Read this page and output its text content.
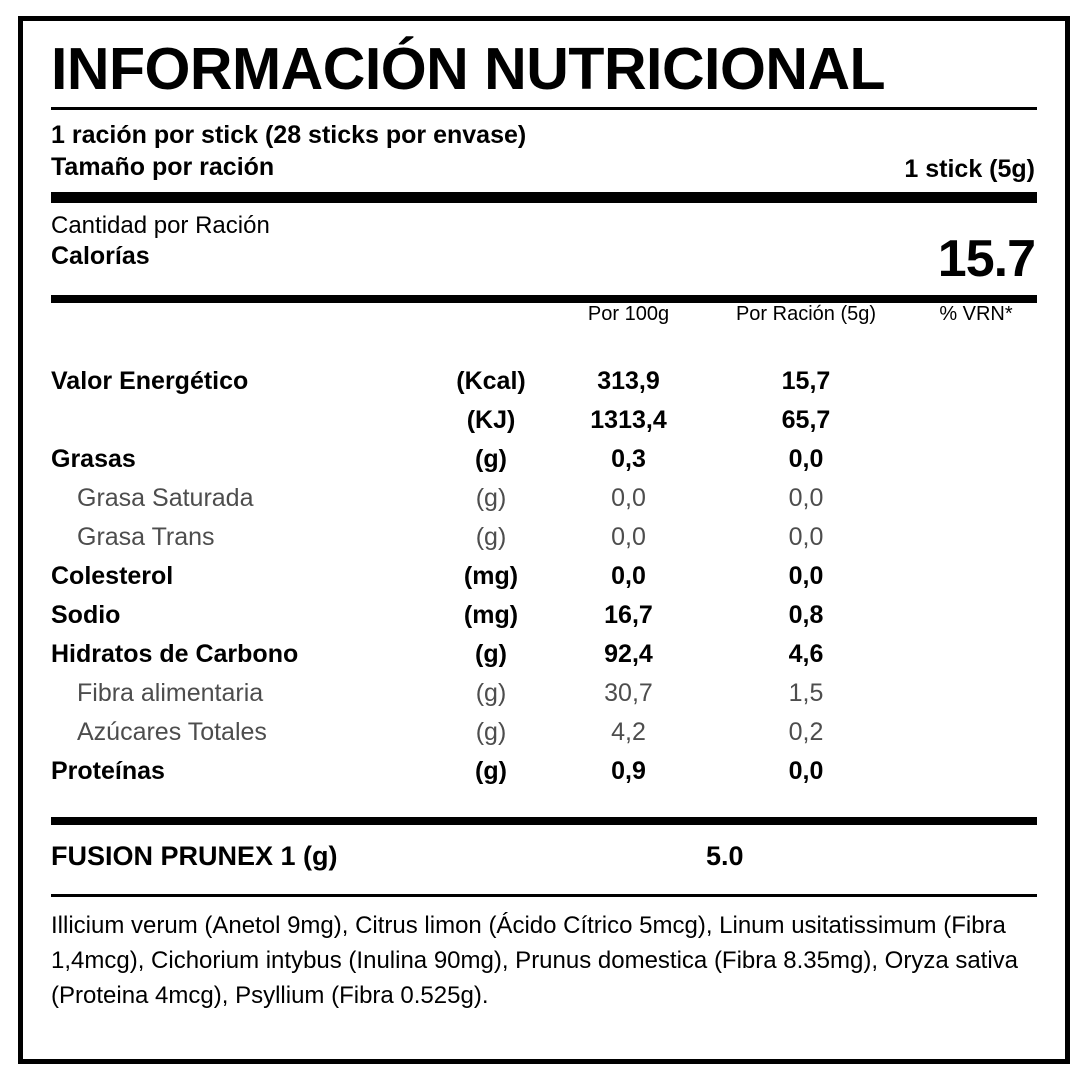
INFORMACIÓN NUTRICIONAL
1 ración por stick (28 sticks por envase)
Tamaño por ración	1 stick (5g)
Cantidad por Ración
Calorías	15.7
		Por 100g	Por Ración (5g)	% VRN*

Valor Energético	(Kcal)	313,9	15,7	
	(KJ)	1313,4	65,7	
Grasas	(g)	0,3	0,0	
Grasa Saturada	(g)	0,0	0,0	
Grasa Trans	(g)	0,0	0,0	
Colesterol	(mg)	0,0	0,0	
Sodio	(mg)	16,7	0,8	
Hidratos de Carbono	(g)	92,4	4,6	
Fibra alimentaria	(g)	30,7	1,5	
Azúcares Totales	(g)	4,2	0,2	
Proteínas	(g)	0,9	0,0	
FUSION PRUNEX 1 (g)	5.0
Illicium verum (Anetol 9mg), Citrus limon (Ácido Cítrico 5mcg), Linum usitatissimum (Fibra 1,4mcg), Cichorium intybus (Inulina 90mg), Prunus domestica (Fibra 8.35mg), Oryza sativa (Proteina 4mcg), Psyllium (Fibra 0.525g).
